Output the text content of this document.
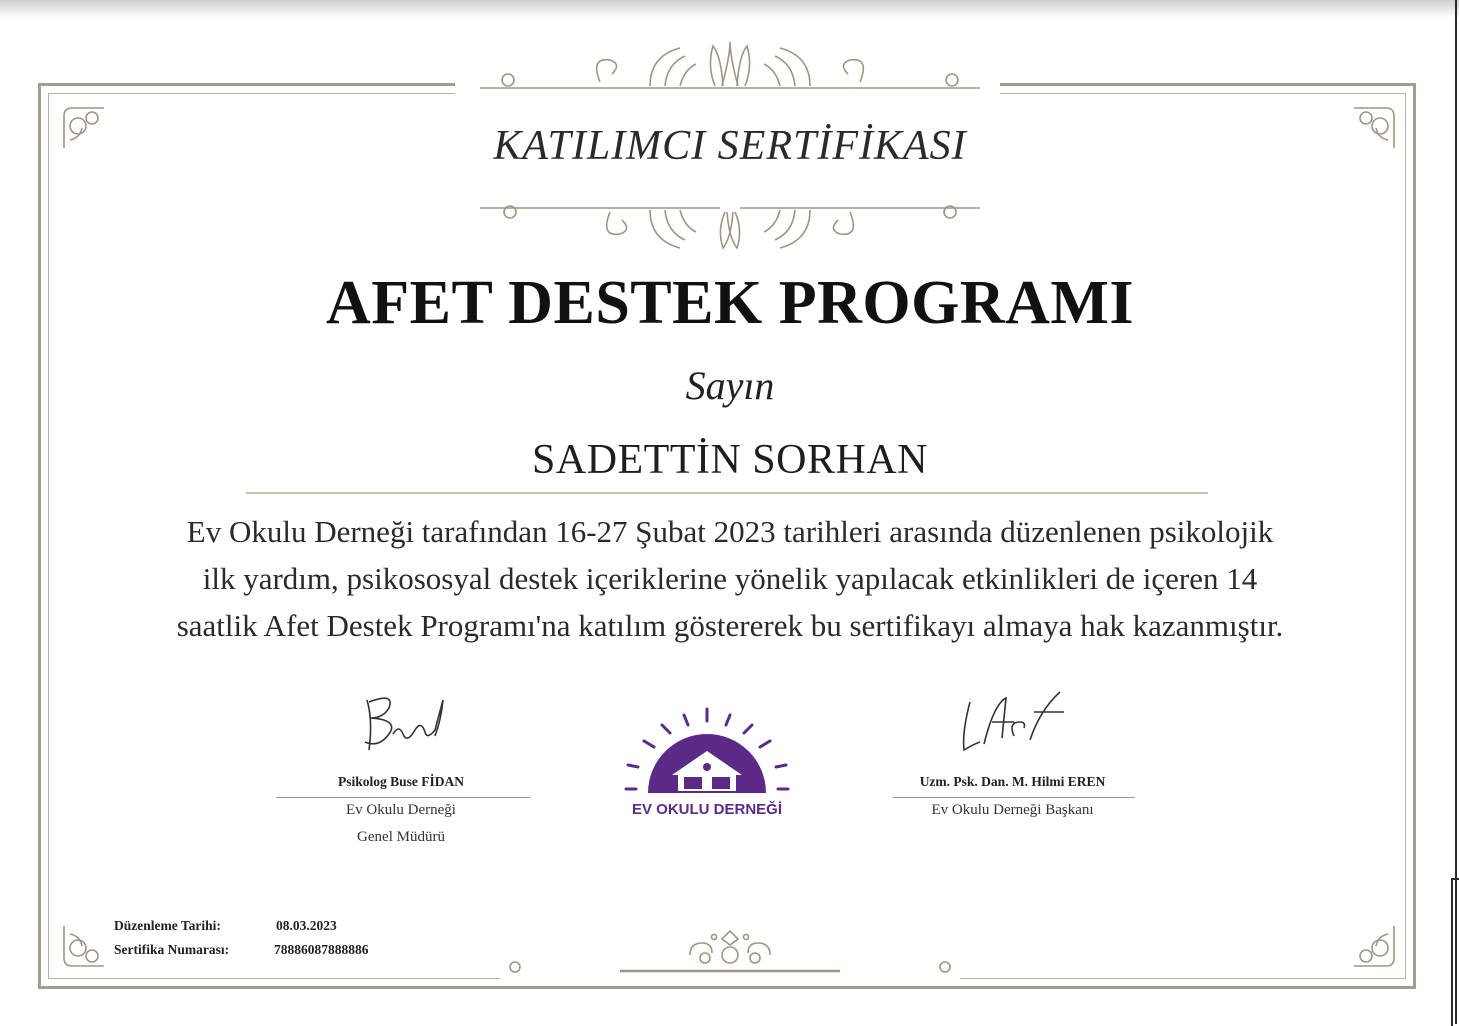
KATILIMCI SERTİFİKASI
AFET DESTEK PROGRAMI
Sayın
SADETTİN SORHAN
Ev Okulu Derneği tarafından 16-27 Şubat 2023 tarihleri arasında düzenlenen psikolojik
ilk yardım, psikososyal destek içeriklerine yönelik yapılacak etkinlikleri de içeren 14
saatlik Afet Destek Programı'na katılım göstererek bu sertifikayı almaya hak kazanmıştır.
Psikolog Buse FİDAN
Ev Okulu Derneği
Genel Müdürü
Uzm. Psk. Dan. M. Hilmi EREN
Ev Okulu Derneği Başkanı
EV OKULU DERNEĞİ
Düzenleme Tarihi:	08.03.2023
Sertifika Numarası:	78886087888886
